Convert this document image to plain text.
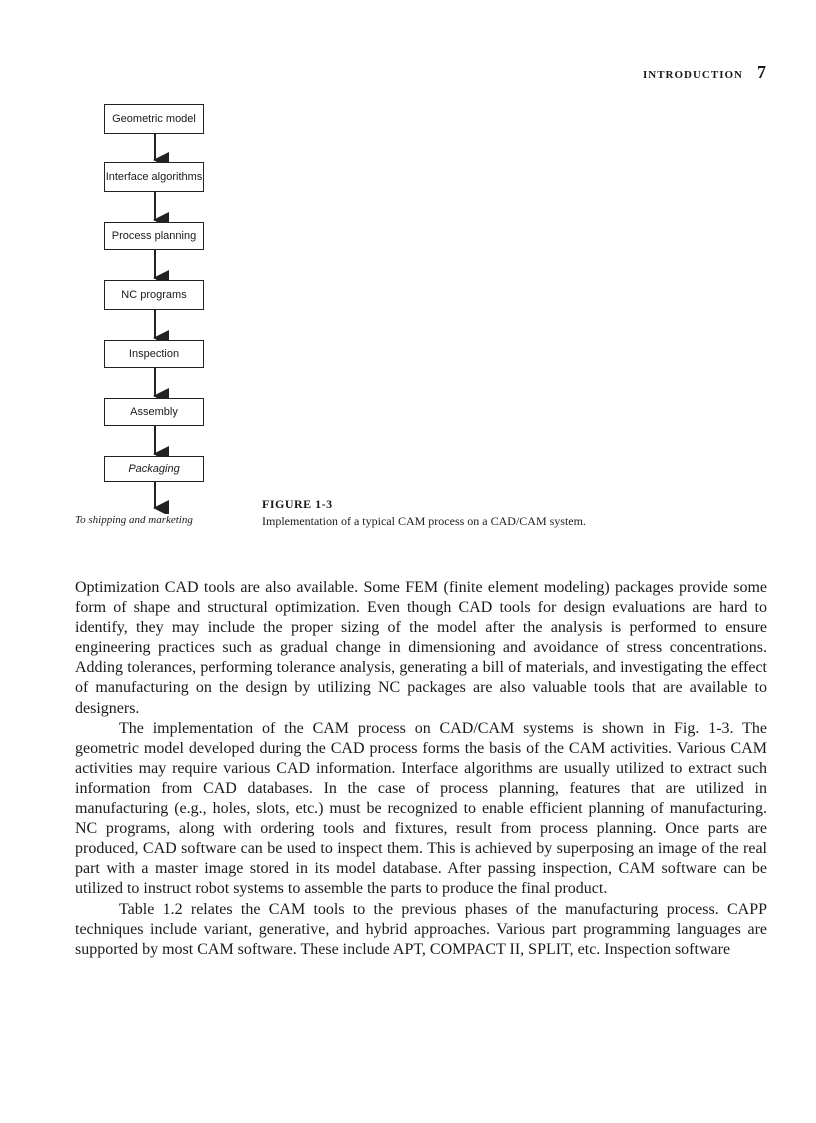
INTRODUCTION 7
Geometric model
Interface algorithms
Process planning
NC programs
Inspection
Assembly
Packaging
To shipping and marketing
FIGURE 1-3
Implementation of a typical CAM process on a CAD/CAM system.

Optimization CAD tools are also available. Some FEM (finite element modeling) packages provide some form of shape and structural optimization. Even though CAD tools for design evaluations are hard to identify, they may include the proper sizing of the model after the analysis is performed to ensure engineering practices such as gradual change in dimensioning and avoidance of stress concentrations. Adding tolerances, performing tolerance analysis, generating a bill of materials, and investigating the effect of manufacturing on the design by utilizing NC packages are also valuable tools that are available to designers.

The implementation of the CAM process on CAD/CAM systems is shown in Fig. 1-3. The geometric model developed during the CAD process forms the basis of the CAM activities. Various CAM activities may require various CAD information. Interface algorithms are usually utilized to extract such information from CAD databases. In the case of process planning, features that are utilized in manufacturing (e.g., holes, slots, etc.) must be recognized to enable efficient planning of manufacturing. NC programs, along with ordering tools and fixtures, result from process planning. Once parts are produced, CAD software can be used to inspect them. This is achieved by superposing an image of the real part with a master image stored in its model database. After passing inspection, CAM software can be utilized to instruct robot systems to assemble the parts to produce the final product.

Table 1.2 relates the CAM tools to the previous phases of the manufacturing process. CAPP techniques include variant, generative, and hybrid approaches. Various part programming languages are supported by most CAM software. These include APT, COMPACT II, SPLIT, etc. Inspection software
